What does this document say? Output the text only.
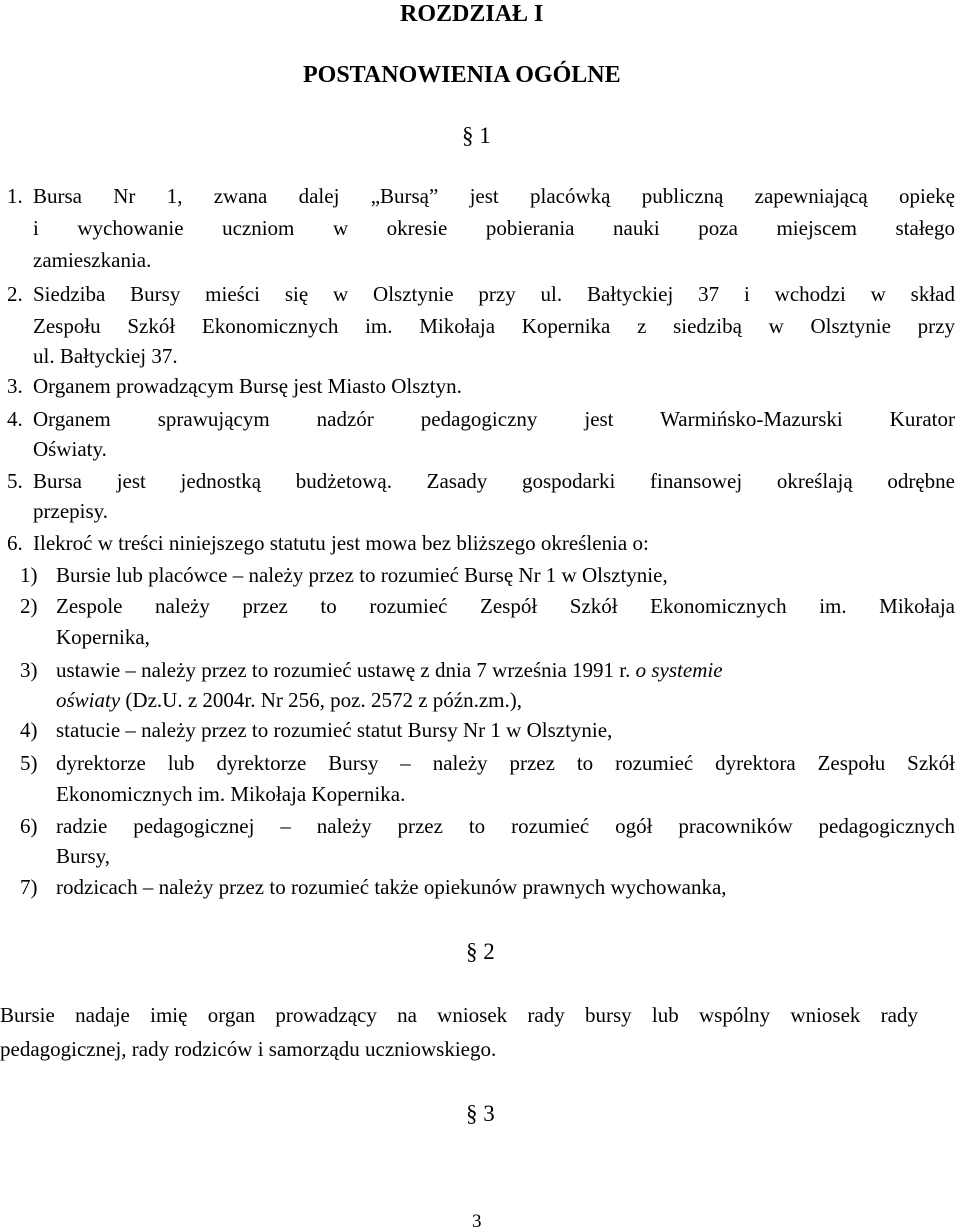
ROZDZIAŁ I
POSTANOWIENIA OGÓLNE
§ 1
1. Bursa Nr 1, zwana dalej „Bursą” jest placówką publiczną zapewniającą opiekę
i wychowanie uczniom w okresie pobierania nauki poza miejscem stałego
zamieszkania.
2. Siedziba Bursy mieści się w Olsztynie przy ul. Bałtyckiej 37 i wchodzi w skład
Zespołu Szkół Ekonomicznych im. Mikołaja Kopernika z siedzibą w Olsztynie przy
ul. Bałtyckiej 37.
3. Organem prowadzącym Bursę jest Miasto Olsztyn.
4. Organem sprawującym nadzór pedagogiczny jest Warmińsko-Mazurski Kurator
Oświaty.
5. Bursa jest jednostką budżetową. Zasady gospodarki finansowej określają odrębne
przepisy.
6. Ilekroć w treści niniejszego statutu jest mowa bez bliższego określenia o:
1) Bursie lub placówce – należy przez to rozumieć Bursę Nr 1 w Olsztynie,
2) Zespole należy przez to rozumieć Zespół Szkół Ekonomicznych im. Mikołaja
Kopernika,
3) ustawie – należy przez to rozumieć ustawę z dnia 7 września 1991 r. o systemie
oświaty (Dz.U. z 2004r. Nr 256, poz. 2572 z późn.zm.),
4) statucie – należy przez to rozumieć statut Bursy Nr 1 w Olsztynie,
5) dyrektorze lub dyrektorze Bursy – należy przez to rozumieć dyrektora Zespołu Szkół
Ekonomicznych im. Mikołaja Kopernika.
6) radzie pedagogicznej – należy przez to rozumieć ogół pracowników pedagogicznych
Bursy,
7) rodzicach – należy przez to rozumieć także opiekunów prawnych wychowanka,
§ 2
Bursie nadaje imię organ prowadzący na wniosek rady bursy lub wspólny wniosek rady
pedagogicznej, rady rodziców i samorządu uczniowskiego.
§ 3
3
